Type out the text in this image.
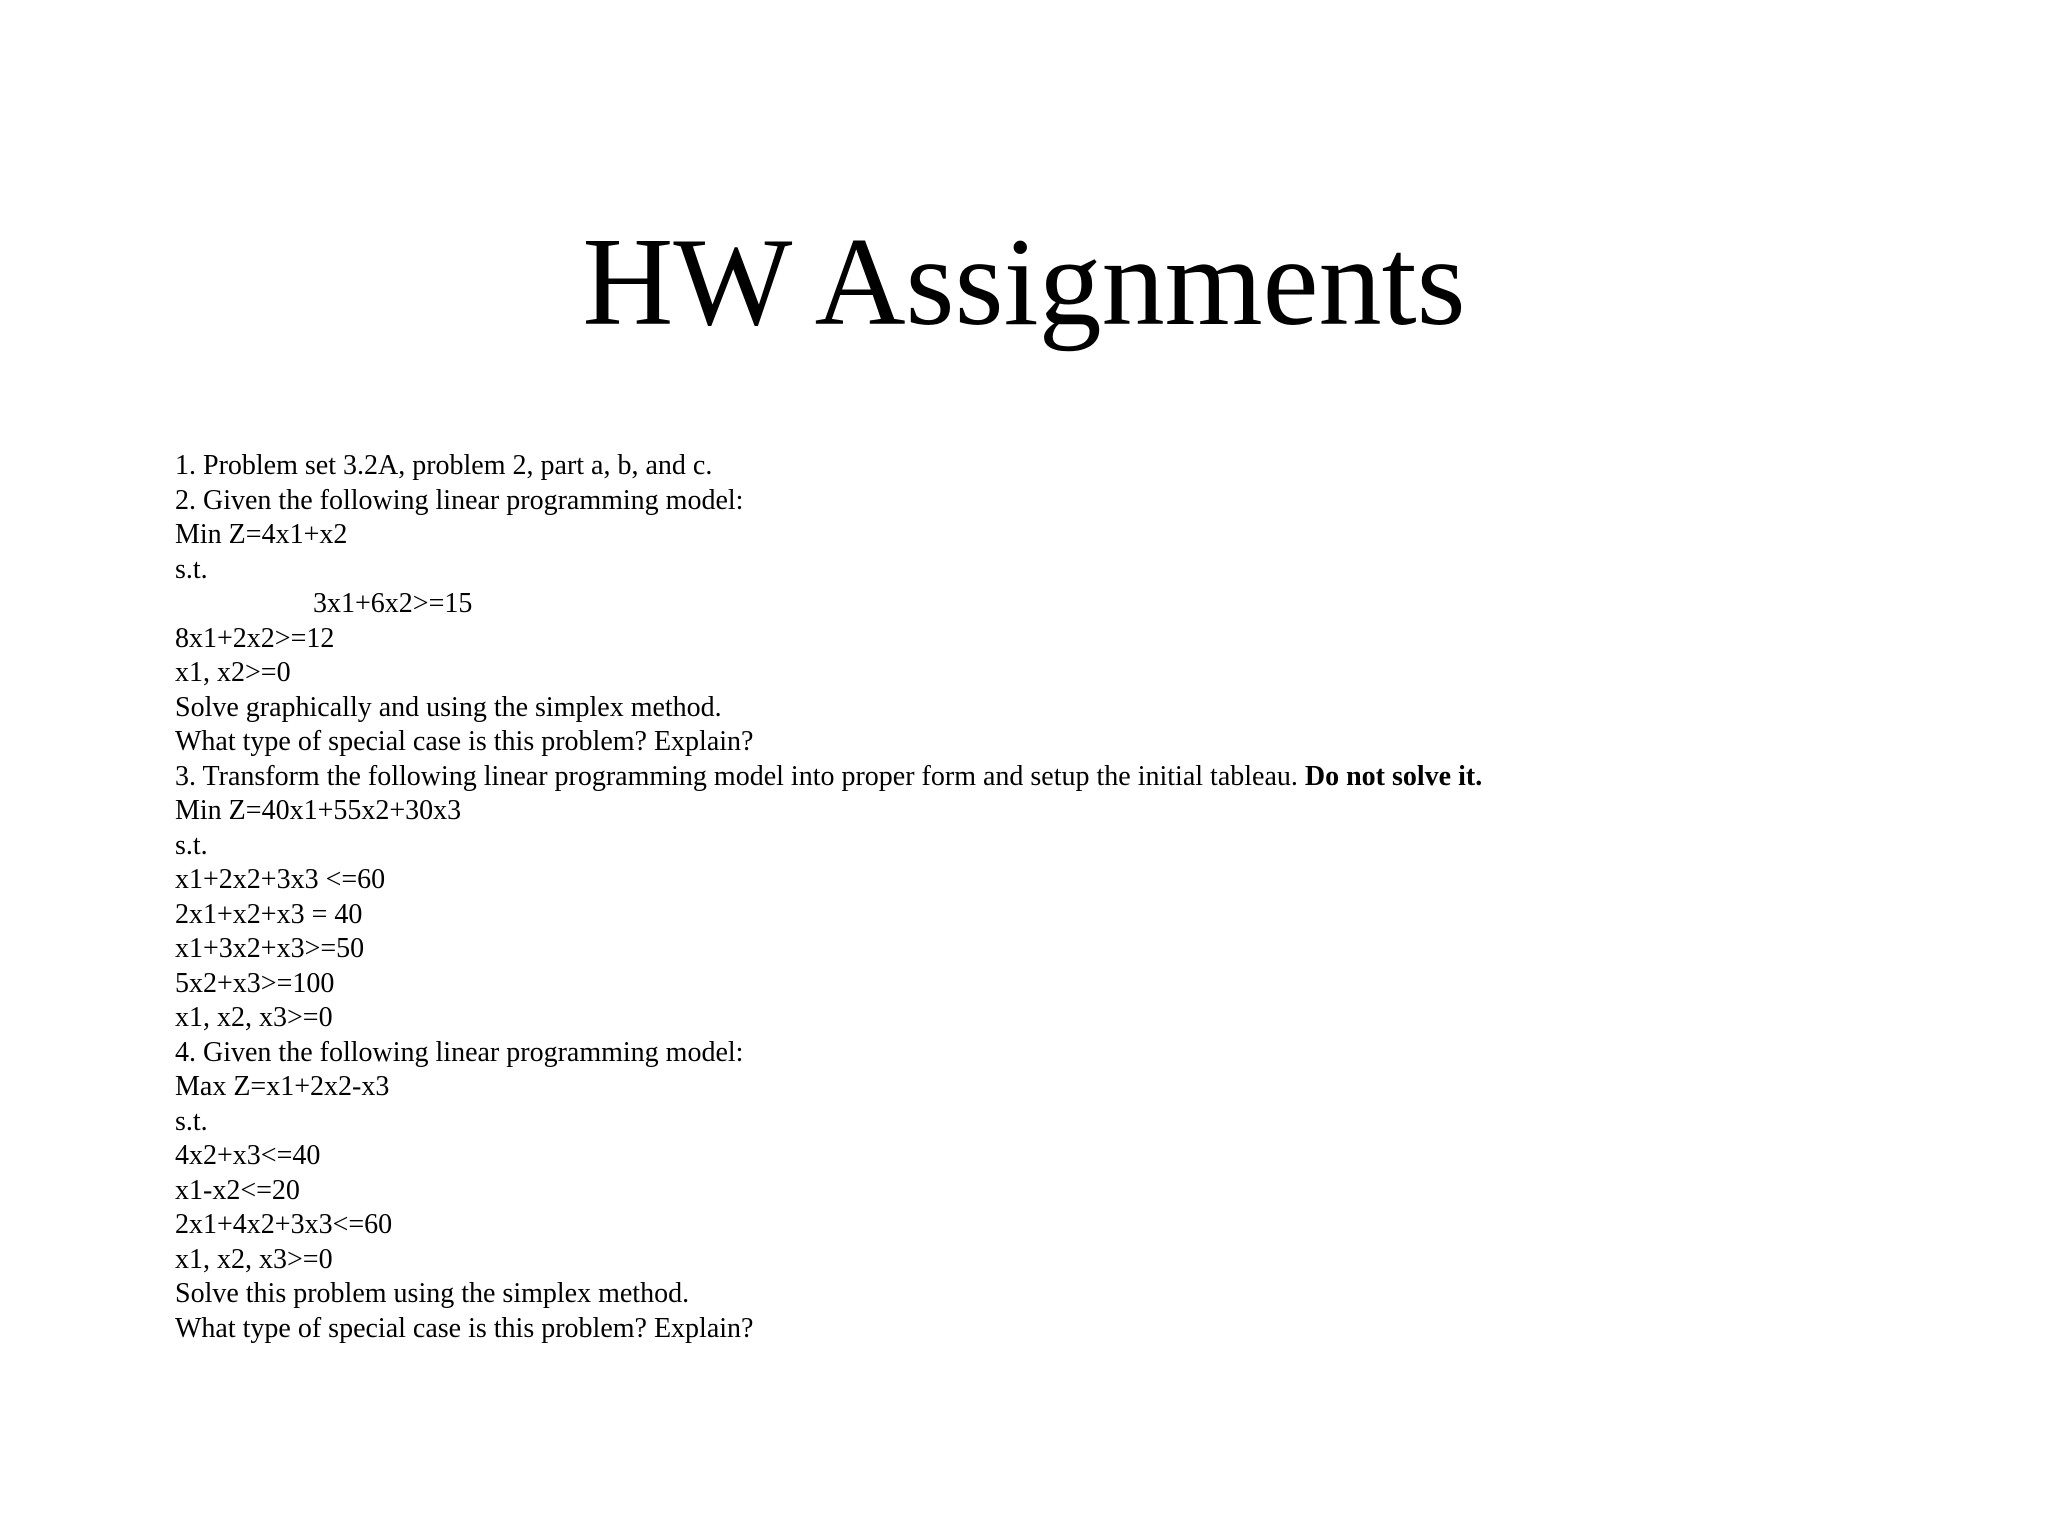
HW Assignments
1. Problem set 3.2A, problem 2, part a, b, and c.
2. Given the following linear programming model:
Min Z=4x1+x2
s.t.
3x1+6x2>=15
8x1+2x2>=12
x1, x2>=0
Solve graphically and using the simplex method.
What type of special case is this problem? Explain?
3. Transform the following linear programming model into proper form and setup the initial tableau. Do not solve it.
Min Z=40x1+55x2+30x3
s.t.
x1+2x2+3x3 <=60
2x1+x2+x3 = 40
x1+3x2+x3>=50
5x2+x3>=100
x1, x2, x3>=0
4. Given the following linear programming model:
Max Z=x1+2x2-x3
s.t.
4x2+x3<=40
x1-x2<=20
2x1+4x2+3x3<=60
x1, x2, x3>=0
Solve this problem using the simplex method.
What type of special case is this problem? Explain?
